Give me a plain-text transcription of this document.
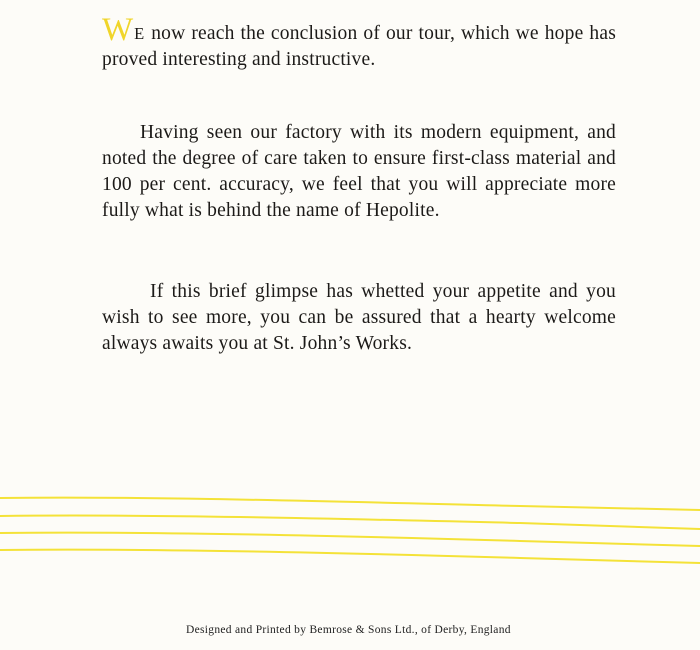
WE now reach the conclusion of our tour, which we hope has proved interesting and instructive.
Having seen our factory with its modern equipment, and noted the degree of care taken to ensure first-class material and 100 per cent. accuracy, we feel that you will appreciate more fully what is behind the name of Hepolite.
If this brief glimpse has whetted your appetite and you wish to see more, you can be assured that a hearty welcome always awaits you at St. John’s Works.
Designed and Printed by Bemrose & Sons Ltd., of Derby, England
